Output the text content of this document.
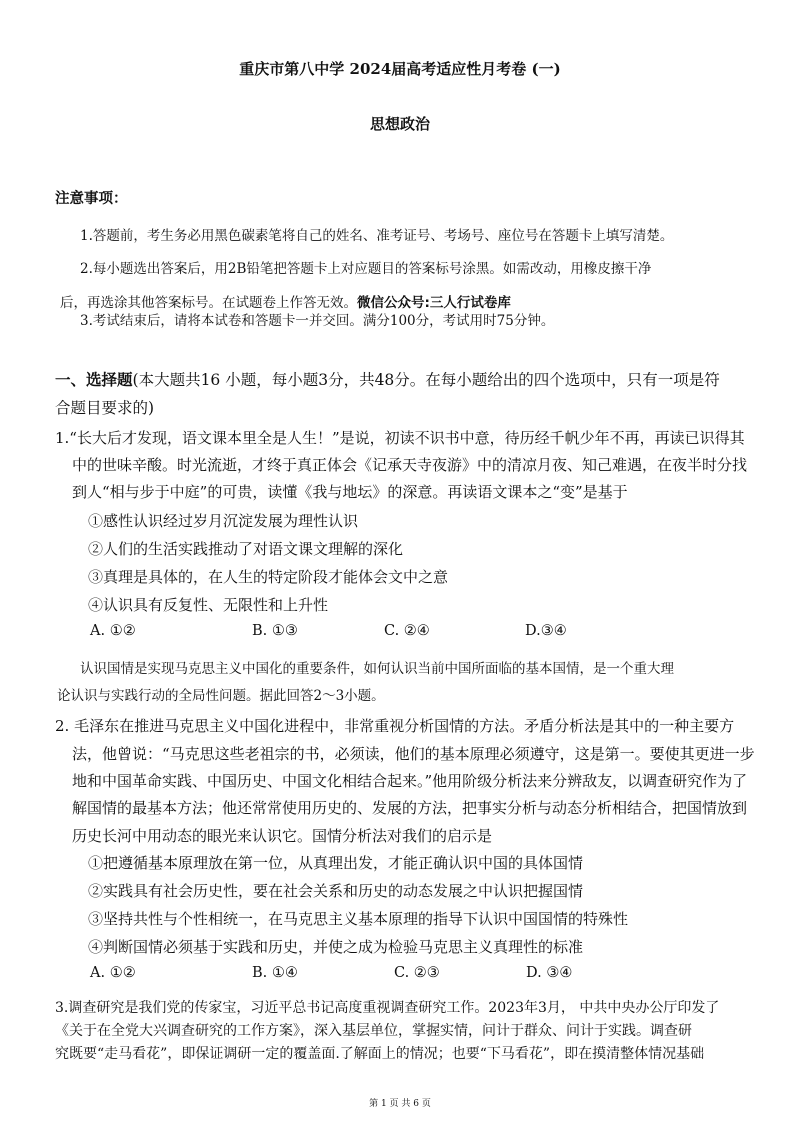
重庆市第八中学 2024届高考适应性月考卷 (一)
思想政治
注意事项：
1.答题前，考生务必用黑色碳素笔将自己的姓名、准考证号、考场号、座位号在答题卡上填写清楚。
2.每小题选出答案后，用2B铅笔把答题卡上对应题目的答案标号涂黑。如需改动，用橡皮擦干净
后，再选涂其他答案标号。在试题卷上作答无效。微信公众号:三人行试卷库
3.考试结束后，请将本试卷和答题卡一并交回。满分100分，考试用时75分钟。
一、选择题(本大题共16 小题，每小题3分，共48分。在每小题给出的四个选项中，只有一项是符
合题目要求的)
1.“长大后才发现，语文课本里全是人生！”是说，初读不识书中意，待历经千帆少年不再，再读已识得其
中的世味辛酸。时光流逝，才终于真正体会《记承天寺夜游》中的清凉月夜、知己难遇，在夜半时分找
到人“相与步于中庭”的可贵，读懂《我与地坛》的深意。再读语文课本之“变”是基于
①感性认识经过岁月沉淀发展为理性认识
②人们的生活实践推动了对语文课文理解的深化
③真理是具体的，在人生的特定阶段才能体会文中之意
④认识具有反复性、无限性和上升性
A. ①②	B. ①③	C. ②④	D.③④
认识国情是实现马克思主义中国化的重要条件，如何认识当前中国所面临的基本国情，是一个重大理
论认识与实践行动的全局性问题。据此回答2～3小题。
2. 毛泽东在推进马克思主义中国化进程中，非常重视分析国情的方法。矛盾分析法是其中的一种主要方
法，他曾说：“马克思这些老祖宗的书，必须读，他们的基本原理必须遵守，这是第一。要使其更进一步
地和中国革命实践、中国历史、中国文化相结合起来。”他用阶级分析法来分辨敌友，以调查研究作为了
解国情的最基本方法；他还常常使用历史的、发展的方法，把事实分析与动态分析相结合，把国情放到
历史长河中用动态的眼光来认识它。国情分析法对我们的启示是
①把遵循基本原理放在第一位，从真理出发，才能正确认识中国的具体国情
②实践具有社会历史性，要在社会关系和历史的动态发展之中认识把握国情
③坚持共性与个性相统一，在马克思主义基本原理的指导下认识中国国情的特殊性
④判断国情必须基于实践和历史，并使之成为检验马克思主义真理性的标准
A. ①②	B. ①④	C. ②③	D. ③④
3.调查研究是我们党的传家宝，习近平总书记高度重视调查研究工作。2023年3月， 中共中央办公厅印发了
《关于在全党大兴调查研究的工作方案》，深入基层单位，掌握实情，问计于群众、问计于实践。调查研
究既要“走马看花”，即保证调研一定的覆盖面.了解面上的情况；也要“下马看花”，即在摸清整体情况基础
第 1 页 共 6 页
